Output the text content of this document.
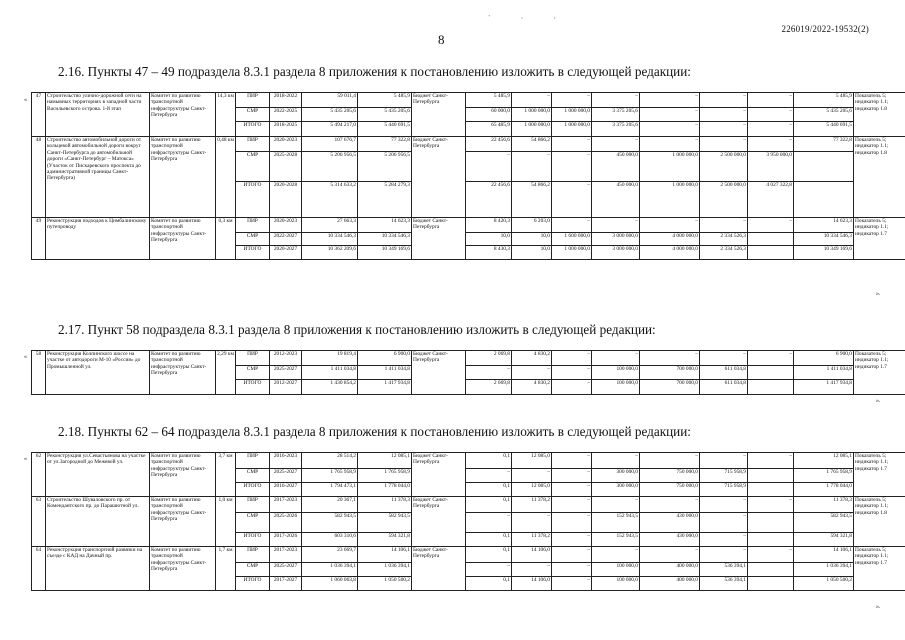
226019/2022-19532(2)
` · ·
8
2.16. Пункты 47 – 49 подраздела 8.3.1 раздела 8 приложения к постановлению изложить в следующей редакции:
«
47	Строительство улично-дорожной сети на намывных территориях в западной части Васильевского острова. 1-й этап	Комитет по развитию транспортной инфраструктуры Санкт-Петербурга	14,3 км	ПИР	2018-2022	59 011,4	5 485,9	Бюджет Санкт-Петербурга	5 485,9	–	–	–	–	–	–	5 485,9	Показатель 5; индикатор 1.1; индикатор 1.8
				СМР	2022-2025	5 435 205,6	5 435 205,6		60 000,0	1 000 000,0	1 000 000,0	3 375 205,6	–	–	–	5 435 205,6	
				ИТОГО	2018-2025	5 494 217,0	5 440 691,5		65 485,9	1 000 000,0	1 000 000,0	3 375 205,6	–	–	–	5 440 691,5	
48	Строительство автомобильной дороги от кольцевой автомобильной дороги вокруг Санкт-Петербурга до автомобильной дороги «Санкт-Петербург – Матокса» (Участок от Пискаревского проспекта до административной границы Санкт-Петербурга)	Комитет по развитию транспортной инфраструктуры Санкт-Петербурга	0,48 км	ПИР	2020-2023	107 676,7	77 322,8	Бюджет Санкт-Петербурга	22 456,6	54 866,2	–	–	–	–	–	77 322,8	Показатель 5; индикатор 1.1; индикатор 1.8
				СМР	2025-2028	5 206 956,5	5 206 956,5		–	–	–	450 000,0	1 000 000,0	2 500 000,0	3 950 000,0		
				ИТОГО	2020-2028	5 314 633,2	5 284 279,3		22 456,6	54 866,2	–	450 000,0	1 000 000,0	2 500 000,0	4 027 322,8		
49	Реконструкция подходов к Цимбалинскому путепроводу	Комитет по развитию транспортной инфраструктуры Санкт-Петербурга	0,3 км	ПИР	2020-2023	27 663,3	14 623,3	Бюджет Санкт-Петербурга	8 420,3	6 203,0	–	–	–	–	–	14 623,3	Показатель 5; индикатор 1.1; индикатор 1.7
				СМР	2022-2027	10 334 546,3	10 334 546,3		10,0	10,0	1 600 000,0	3 000 000,0	4 000 000,0	2 334 526,3		10 334 546,3	
				ИТОГО	2020-2027	10 362 209,6	10 349 169,6		8 430,3	10,0	1 000 000,0	3 000 000,0	4 000 000,0	2 334 526,3		10 349 169,6	
».
2.17. Пункт 58 подраздела 8.3.1 раздела 8 приложения к постановлению изложить в следующей редакции:
« 58	Реконструкция Колпинского шоссе на участке от автодороги М-10 «Россия» до Промышленной ул.	Комитет по развитию транспортной инфраструктуры Санкт-Петербурга	2,29 км	ПИР	2012-2023	19 819,4	6 900,0	Бюджет Санкт-Петербурга	2 069,8	4 830,2	–	–	–	–	–	6 900,0	Показатель 5; индикатор 1.1; индикатор 1.7
				СМР	2025-2027	1 411 034,8	1 411 034,8		–	–	–	100 000,0	700 000,0	611 034,8		1 411 034,8	
				ИТОГО	2012-2027	1 430 854,2	1 417 934,8		2 069,8	4 830,2	–	100 000,0	700 000,0	611 034,8		1 417 934,8	
».
2.18. Пункты 62 – 64 подраздела 8.3.1 раздела 8 приложения к постановлению изложить в следующей редакции:
« 62	Реконструкция ул.Севастьянова на участке от ул.Загородной до Межевой ул.	Комитет по развитию транспортной инфраструктуры Санкт-Петербурга	3,7 км	ПИР	2016-2023	28 514,2	12 085,1	Бюджет Санкт-Петербурга	0,1	12 085,0	–	–	–	–	–	12 085,1	Показатель 5; индикатор 1.1; индикатор 1.7
				СМР	2025-2027	1 765 958,9	1 765 958,9		–	–	–	300 000,0	750 000,0	715 958,9		1 765 958,9	
				ИТОГО	2016-2027	1 794 473,1	1 778 044,0		0,1	12 085,0	–	300 000,0	750 000,0	715 958,9		1 778 044,0	
63	Строительство Шуваловского пр. от Комендантского пр. до Парашютной ул.	Комитет по развитию транспортной инфраструктуры Санкт-Петербурга	1,0 км	ПИР	2017-2023	20 367,1	11 378,3	Бюджет Санкт-Петербурга	0,1	11 378,2	–	–	–	–	–	11 378,3	Показатель 5; индикатор 1.1; индикатор 1.8
				СМР	2025-2026	582 943,5	582 943,5		–	–	–	152 943,5	430 000,0	–		582 943,5	
				ИТОГО	2017-2026	603 310,6	594 321,8		0,1	11 378,2	–	152 943,5	430 000,0	–		594 321,8	
64	Реконструкция транспортной развязки на съезде с КАД на Дачный пр.	Комитет по развитию транспортной инфраструктуры Санкт-Петербурга	1,7 км	ПИР	2017-2023	23 669,7	14 106,1	Бюджет Санкт-Петербурга	0,1	14 106,0	–	–	–	–	–	14 106,1	Показатель 5; индикатор 1.1; индикатор 1.7
				СМР	2025-2027	1 036 394,1	1 036 394,1		–	–	–	100 000,0	400 000,0	536 394,1		1 036 394,1	
				ИТОГО	2017-2027	1 060 063,8	1 050 500,2		0,1	14 106,0	–	100 000,0	400 000,0	536 394,1		1 050 500,2	
».
